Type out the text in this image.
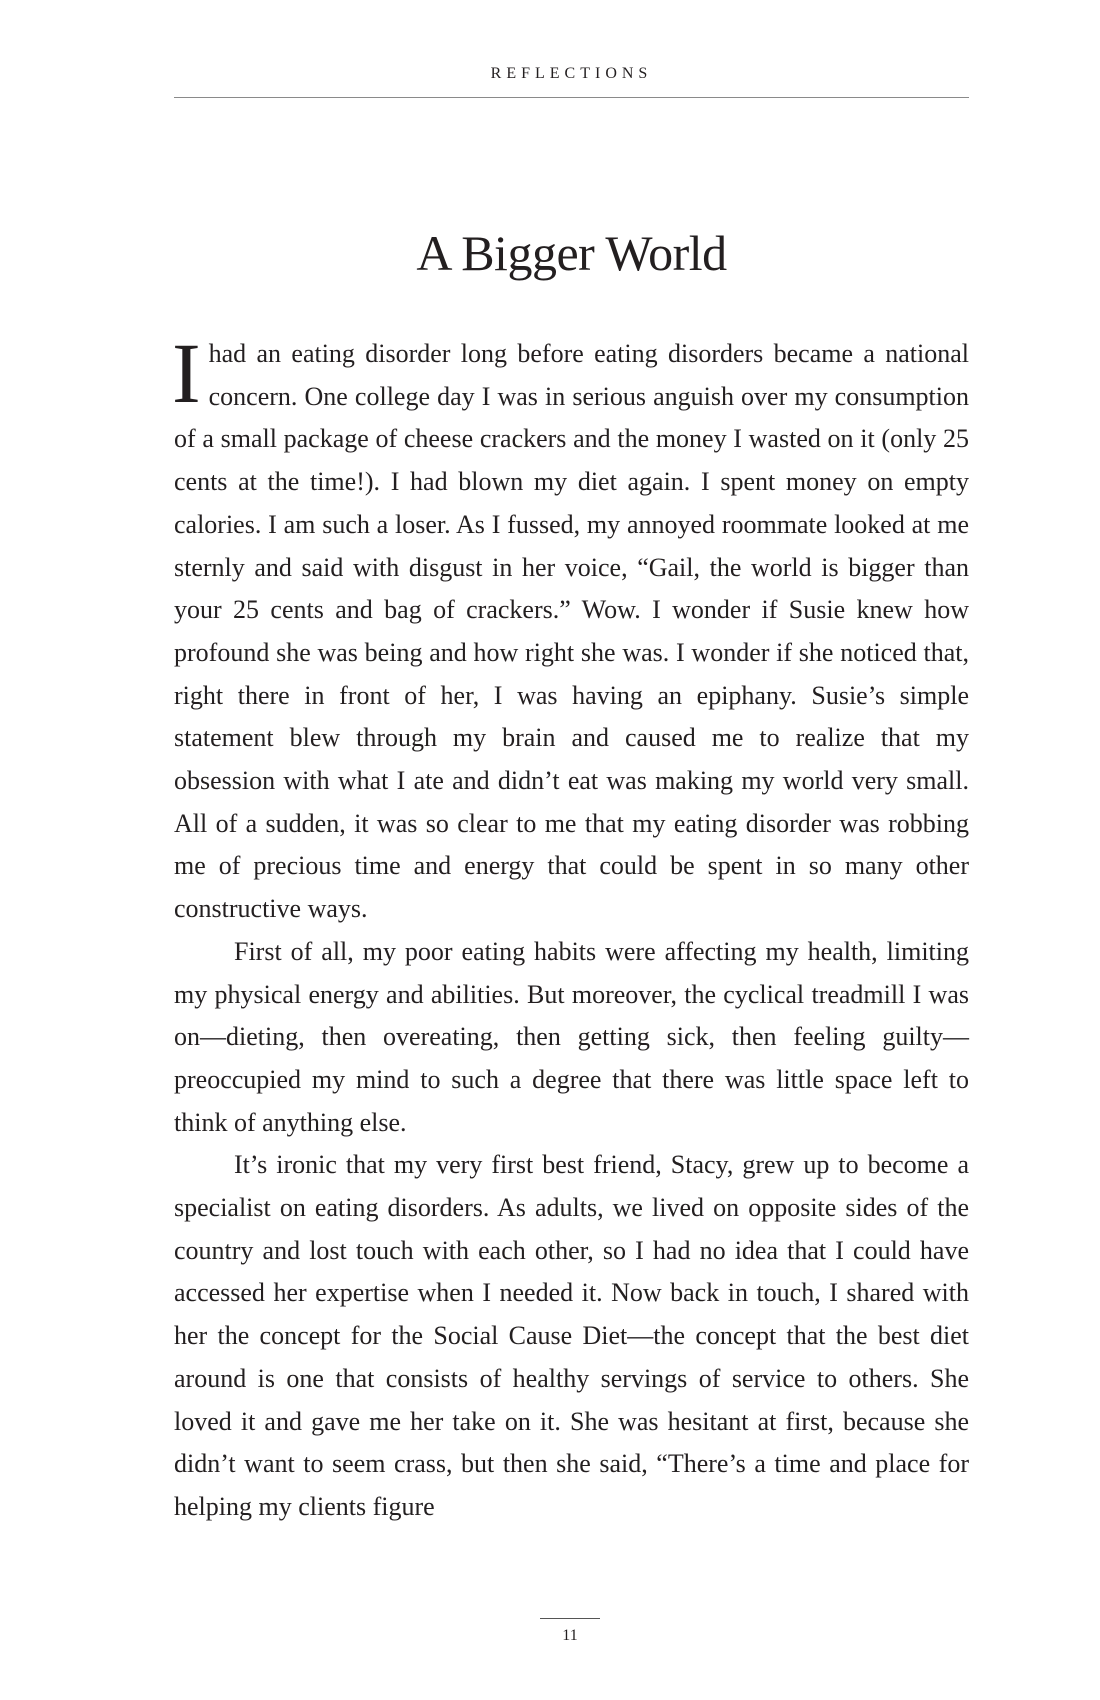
REFLECTIONS
A Bigger World

Ihad an eating disorder long before eating disorders became a national concern. One college day I was in serious anguish over my consumption of a small package of cheese crackers and the money I wasted on it (only 25 cents at the time!). I had blown my diet again. I spent money on empty calories. I am such a loser. As I fussed, my annoyed roommate looked at me sternly and said with disgust in her voice, “Gail, the world is bigger than your 25 cents and bag of crackers.” Wow. I wonder if Susie knew how profound she was being and how right she was. I wonder if she noticed that, right there in front of her, I was having an epiphany. Susie’s simple statement blew through my brain and caused me to realize that my obsession with what I ate and didn’t eat was making my world very small. All of a sudden, it was so clear to me that my eating disorder was robbing me of precious time and energy that could be spent in so many other constructive ways.

First of all, my poor eating habits were affecting my health, limiting my physical energy and abilities. But moreover, the cyclical treadmill I was on—dieting, then overeating, then getting sick, then feeling guilty—preoccupied my mind to such a degree that there was little space left to think of anything else.

It’s ironic that my very first best friend, Stacy, grew up to become a specialist on eating disorders. As adults, we lived on opposite sides of the country and lost touch with each other, so I had no idea that I could have accessed her expertise when I needed it. Now back in touch, I shared with her the concept for the Social Cause Diet—the concept that the best diet around is one that consists of healthy servings of service to others. She loved it and gave me her take on it. She was hesitant at first, because she didn’t want to seem crass, but then she said, “There’s a time and place for helping my clients figure

11
